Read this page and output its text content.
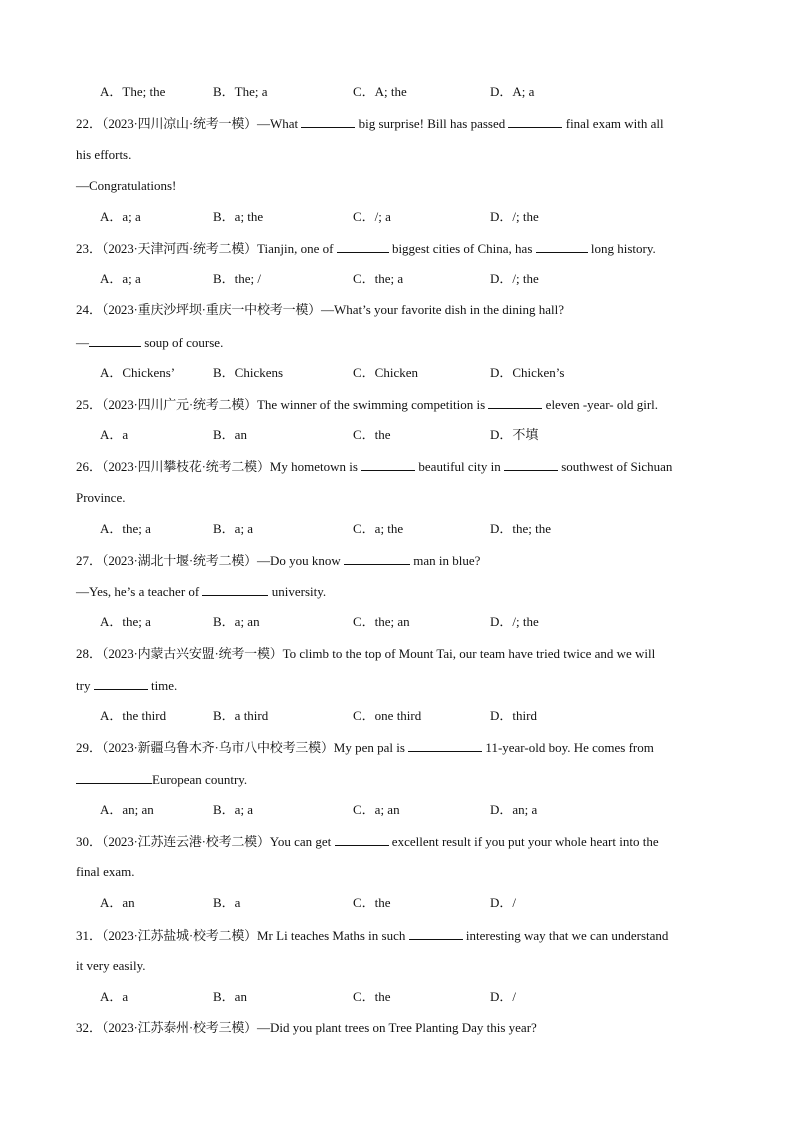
A．The; the	B．The; a	C．A; the	D．A; a
22．（2023·四川凉山·统考一模）—What	big surprise! Bill has passed	final exam with all
his efforts.
—Congratulations!
A．a; a	B．a; the	C．/; a	D．/; the
23．（2023·天津河西·统考二模）Tianjin, one of	biggest cities of China, has	long history.
A．a; a	B．the; /	C．the; a	D．/; the
24．（2023·重庆沙坪坝·重庆一中校考一模）—What’s your favorite dish in the dining hall?
—	soup of course.
A．Chickens’	B．Chickens	C．Chicken	D．Chicken’s
25．（2023·四川广元·统考二模）The winner of the swimming competition is	eleven -year- old girl.
A．a	B．an	C．the	D．不填
26．（2023·四川攀枝花·统考二模）My hometown is	beautiful city in	southwest of Sichuan
Province.
A．the; a	B．a; a	C．a; the	D．the; the
27．（2023·湖北十堰·统考二模）—Do you know	man in blue?
—Yes, he’s a teacher of	university.
A．the; a	B．a; an	C．the; an	D．/; the
28．（2023·内蒙古兴安盟·统考一模）To climb to the top of Mount Tai, our team have tried twice and we will
try	time.
A．the third	B．a third	C．one third	D．third
29．（2023·新疆乌鲁木齐·乌市八中校考三模）My pen pal is	11-year-old boy. He comes from
European country.
A．an; an	B．a; a	C．a; an	D．an; a
30．（2023·江苏连云港·校考二模）You can get	excellent result if you put your whole heart into the
final exam.
A．an	B．a	C．the	D．/
31．（2023·江苏盐城·校考二模）Mr Li teaches Maths in such	interesting way that we can understand
it very easily.
A．a	B．an	C．the	D．/
32．（2023·江苏泰州·校考三模）—Did you plant trees on Tree Planting Day this year?
